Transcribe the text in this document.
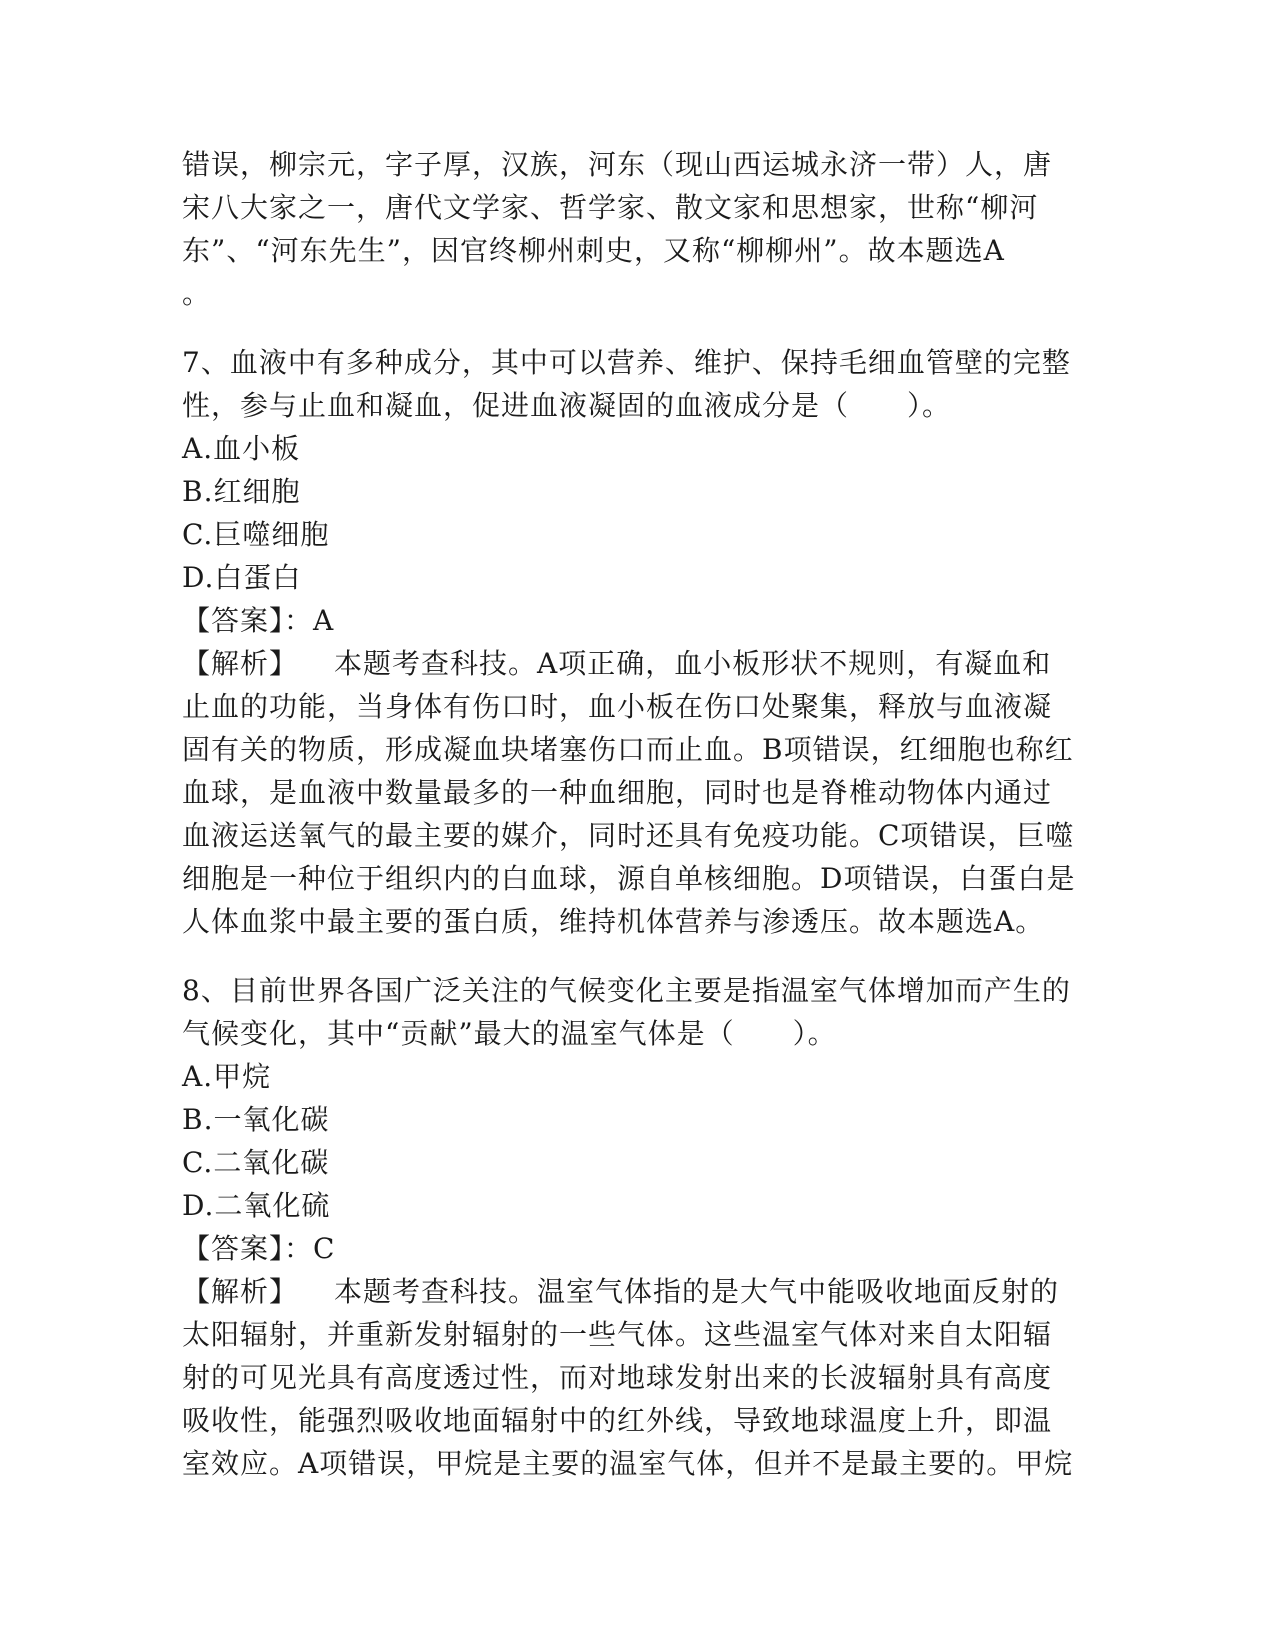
错误，柳宗元，字子厚，汉族，河东（现山西运城永济一带）人，唐
宋八大家之一，唐代文学家、哲学家、散文家和思想家，世称“柳河
东”、“河东先生”，因官终柳州刺史，又称“柳柳州”。故本题选A
。
7、血液中有多种成分，其中可以营养、维护、保持毛细血管壁的完整
性，参与止血和凝血，促进血液凝固的血液成分是（　　）。
A.血小板
B.红细胞
C.巨噬细胞
D.白蛋白
【答案】：A
【解析】 本题考查科技。A项正确，血小板形状不规则，有凝血和
止血的功能，当身体有伤口时，血小板在伤口处聚集，释放与血液凝
固有关的物质，形成凝血块堵塞伤口而止血。B项错误，红细胞也称红
血球，是血液中数量最多的一种血细胞，同时也是脊椎动物体内通过
血液运送氧气的最主要的媒介，同时还具有免疫功能。C项错误，巨噬
细胞是一种位于组织内的白血球，源自单核细胞。D项错误，白蛋白是
人体血浆中最主要的蛋白质，维持机体营养与渗透压。故本题选A。
8、目前世界各国广泛关注的气候变化主要是指温室气体增加而产生的
气候变化，其中“贡献”最大的温室气体是（　　）。
A.甲烷
B.一氧化碳
C.二氧化碳
D.二氧化硫
【答案】：C
【解析】 本题考查科技。温室气体指的是大气中能吸收地面反射的
太阳辐射，并重新发射辐射的一些气体。这些温室气体对来自太阳辐
射的可见光具有高度透过性，而对地球发射出来的长波辐射具有高度
吸收性，能强烈吸收地面辐射中的红外线，导致地球温度上升，即温
室效应。A项错误，甲烷是主要的温室气体，但并不是最主要的。甲烷
